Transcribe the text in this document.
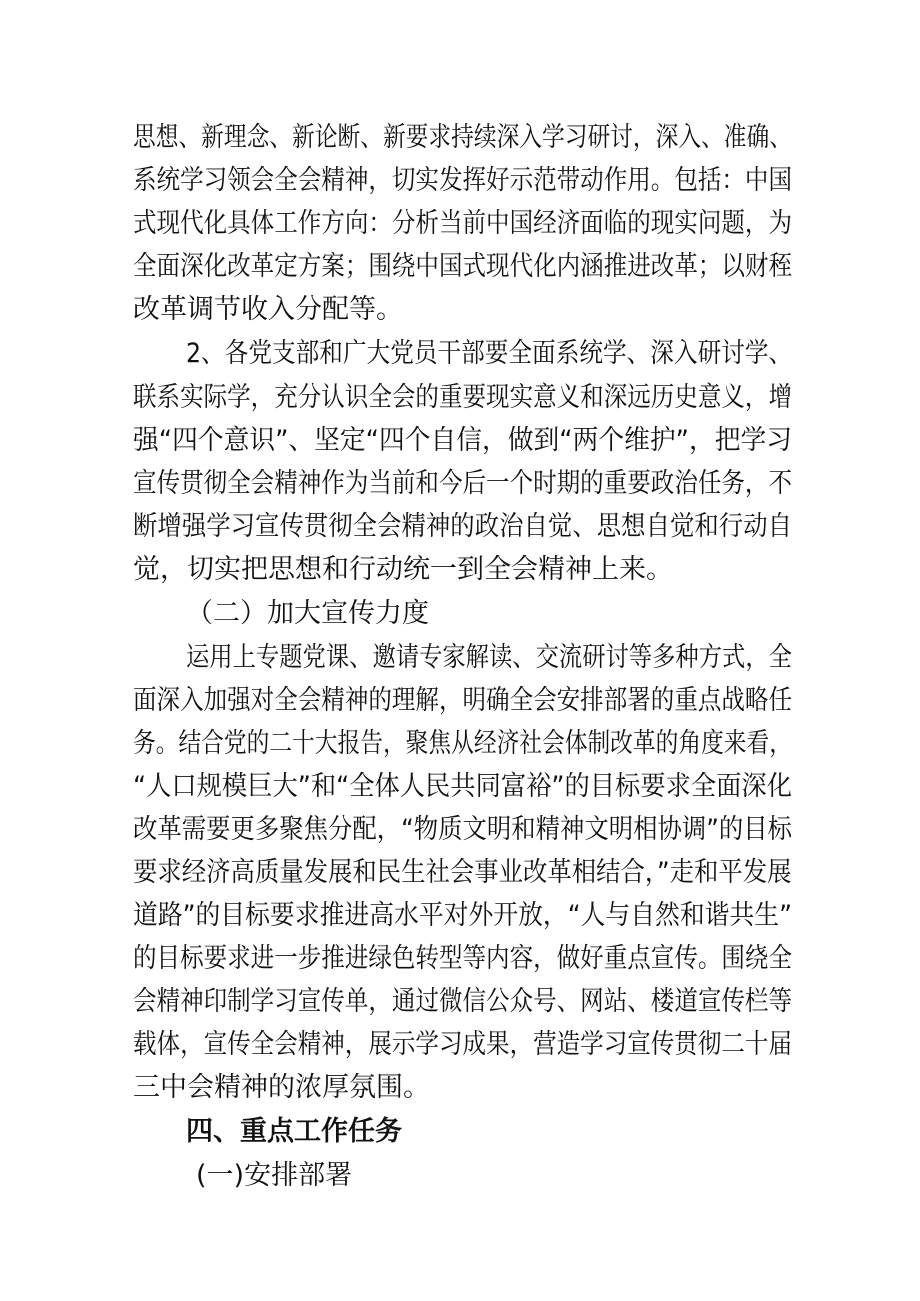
思想、新理念、新论断、新要求持续深入学习研讨，深入、准确、
系统学习领会全会精神，切实发挥好示范带动作用。包括：中国
式现代化具体工作方向：分析当前中国经济面临的现实问题，为
全面深化改革定方案；围绕中国式现代化内涵推进改革；以财秷
改革调节收入分配等。
2、各党支部和广大党员干部要全面系统学、深入研讨学、
联系实际学，充分认识全会的重要现实意义和深远历史意义，增
强“四个意识”、坚定“四个自信，做到“两个维护”，把学习
宣传贯彻全会精神作为当前和今后一个时期的重要政治任务，不
断增强学习宣传贯彻全会精神的政治自觉、思想自觉和行动自
觉，切实把思想和行动统一到全会精神上来。
（二）加大宣传力度
运用上专题党课、邀请专家解读、交流研讨等多种方式，全
面深入加强对全会精神的理解，明确全会安排部署的重点战略任
务。结合党的二十大报告，聚焦从经济社会体制改革的角度来看，
“人口规模巨大”和“全体人民共同富裕”的目标要求全面深化
改革需要更多聚焦分配，“物质文明和精神文明相协调”的目标
要求经济高质量发展和民生社会事业改革相结合，”走和平发展
道路”的目标要求推进高水平对外开放，“人与自然和谐共生”
的目标要求进一步推进绿色转型等内容，做好重点宣传。围绕全
会精神印制学习宣传单，通过微信公众号、网站、楼道宣传栏等
载体，宣传全会精神，展示学习成果，营造学习宣传贯彻二十届
三中会精神的浓厚氛围。
四、重点工作任务
(一)安排部署
